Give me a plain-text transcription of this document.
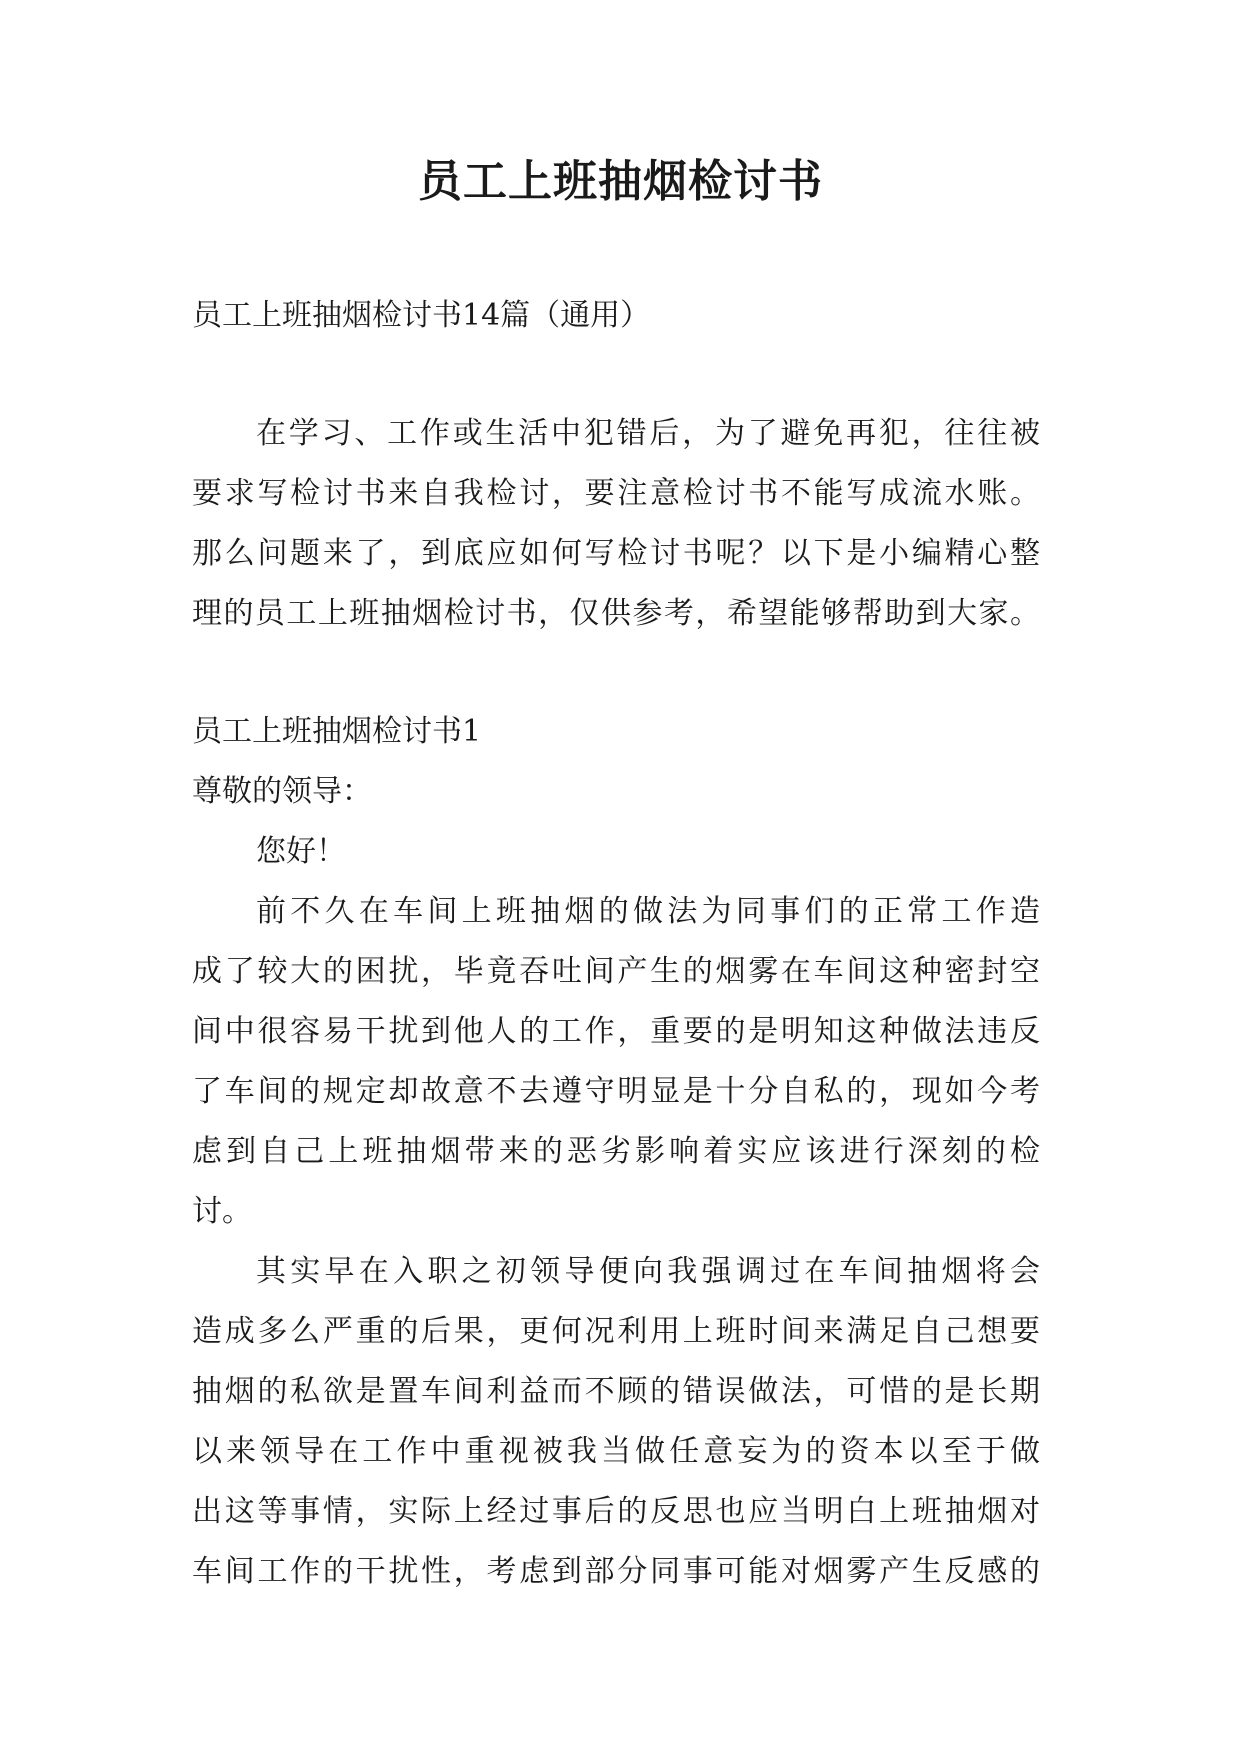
员工上班抽烟检讨书

员工上班抽烟检讨书14篇（通用）

在学习、工作或生活中犯错后，为了避免再犯，往往被

要求写检讨书来自我检讨，要注意检讨书不能写成流水账。

那么问题来了，到底应如何写检讨书呢？以下是小编精心整

理的员工上班抽烟检讨书，仅供参考，希望能够帮助到大家。

员工上班抽烟检讨书1

尊敬的领导：

您好！

前不久在车间上班抽烟的做法为同事们的正常工作造

成了较大的困扰，毕竟吞吐间产生的烟雾在车间这种密封空

间中很容易干扰到他人的工作，重要的是明知这种做法违反

了车间的规定却故意不去遵守明显是十分自私的，现如今考

虑到自己上班抽烟带来的恶劣影响着实应该进行深刻的检

讨。

其实早在入职之初领导便向我强调过在车间抽烟将会

造成多么严重的后果，更何况利用上班时间来满足自己想要

抽烟的私欲是置车间利益而不顾的错误做法，可惜的是长期

以来领导在工作中重视被我当做任意妄为的资本以至于做

出这等事情，实际上经过事后的反思也应当明白上班抽烟对

车间工作的干扰性，考虑到部分同事可能对烟雾产生反感的
